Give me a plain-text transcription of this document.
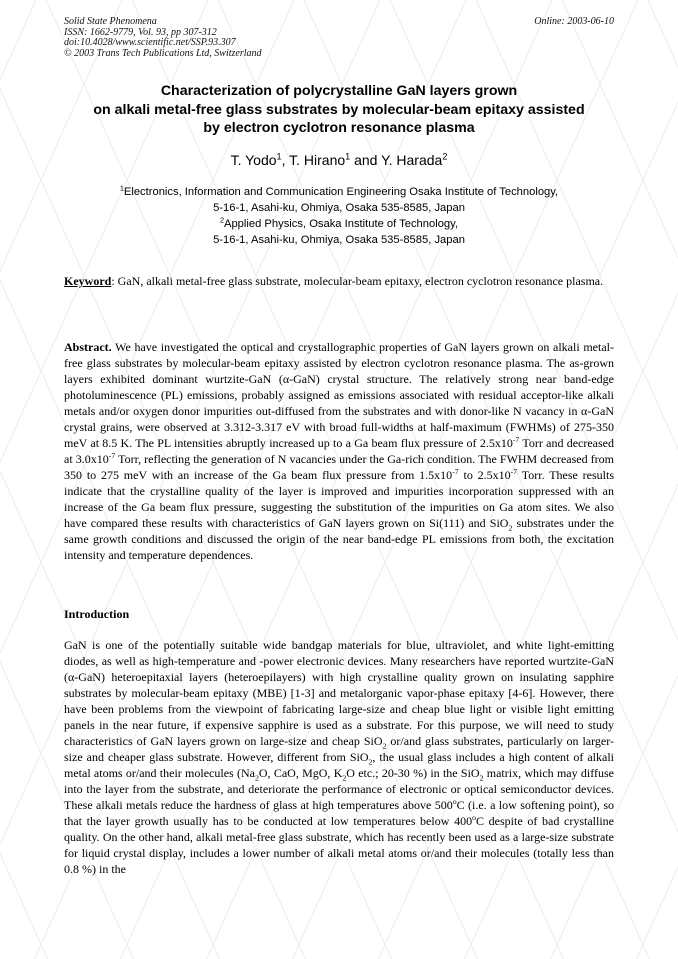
Solid State Phenomena
ISSN: 1662-9779, Vol. 93, pp 307-312
doi:10.4028/www.scientific.net/SSP.93.307
© 2003 Trans Tech Publications Ltd, Switzerland
Online: 2003-06-10
Characterization of polycrystalline GaN layers grown
on alkali metal-free glass substrates by molecular-beam epitaxy assisted
by electron cyclotron resonance plasma
T. Yodo$^1$, T. Hirano$^1$ and Y. Harada$^2$
$^1$Electronics, Information and Communication Engineering Osaka Institute of Technology,
5-16-1, Asahi-ku, Ohmiya, Osaka 535-8585, Japan
$^2$Applied Physics, Osaka Institute of Technology,
5-16-1, Asahi-ku, Ohmiya, Osaka 535-8585, Japan
Keyword: GaN, alkali metal-free glass substrate, molecular-beam epitaxy, electron cyclotron resonance plasma.
Abstract. We have investigated the optical and crystallographic properties of GaN layers grown on alkali metal-free glass substrates by molecular-beam epitaxy assisted by electron cyclotron resonance plasma. The as-grown layers exhibited dominant wurtzite-GaN (α-GaN) crystal structure. The relatively strong near band-edge photoluminescence (PL) emissions, probably assigned as emissions associated with residual acceptor-like alkali metals and/or oxygen donor impurities out-diffused from the substrates and with donor-like N vacancy in α-GaN crystal grains, were observed at 3.312-3.317 eV with broad full-widths at half-maximum (FWHMs) of 275-350 meV at 8.5 K. The PL intensities abruptly increased up to a Ga beam flux pressure of $2.5x10^{-7}$ Torr and decreased at $3.0x10^{-7}$ Torr, reflecting the generation of N vacancies under the Ga-rich condition. The FWHM decreased from 350 to 275 meV with an increase of the Ga beam flux pressure from $1.5x10^{-7}$ to $2.5x10^{-7}$ Torr. These results indicate that the crystalline quality of the layer is improved and impurities incorporation suppressed with an increase of the Ga beam flux pressure, suggesting the substitution of the impurities on Ga atom sites. We also have compared these results with characteristics of GaN layers grown on Si(111) and SiO$_2$ substrates under the same growth conditions and discussed the origin of the near band-edge PL emissions from both, the excitation intensity and temperature dependences.
Introduction
GaN is one of the potentially suitable wide bandgap materials for blue, ultraviolet, and white light-emitting diodes, as well as high-temperature and -power electronic devices. Many researchers have reported wurtzite-GaN (α-GaN) heteroepitaxial layers (heteroepilayers) with high crystalline quality grown on insulating sapphire substrates by molecular-beam epitaxy (MBE) [1-3] and metalorganic vapor-phase epitaxy [4-6]. However, there have been problems from the viewpoint of fabricating large-size and cheap blue light or visible light emitting panels in the near future, if expensive sapphire is used as a substrate. For this purpose, we will need to study characteristics of GaN layers grown on large-size and cheap SiO$_2$ or/and glass substrates, particularly on larger-size and cheaper glass substrate. However, different from SiO$_2$, the usual glass includes a high content of alkali metal atoms or/and their molecules ($Na_2O$, CaO, MgO, $K_2O$ etc.; 20-30 %) in the SiO$_2$ matrix, which may diffuse into the layer from the substrate, and deteriorate the performance of electronic or optical semiconductor devices. These alkali metals reduce the hardness of glass at high temperatures above 500$^o$C (i.e. a low softening point), so that the layer growth usually has to be conducted at low temperatures below 400$^o$C despite of bad crystalline quality. On the other hand, alkali metal-free glass substrate, which has recently been used as a large-size substrate for liquid crystal display, includes a lower number of alkali metal atoms or/and their molecules (totally less than 0.8 %) in the
